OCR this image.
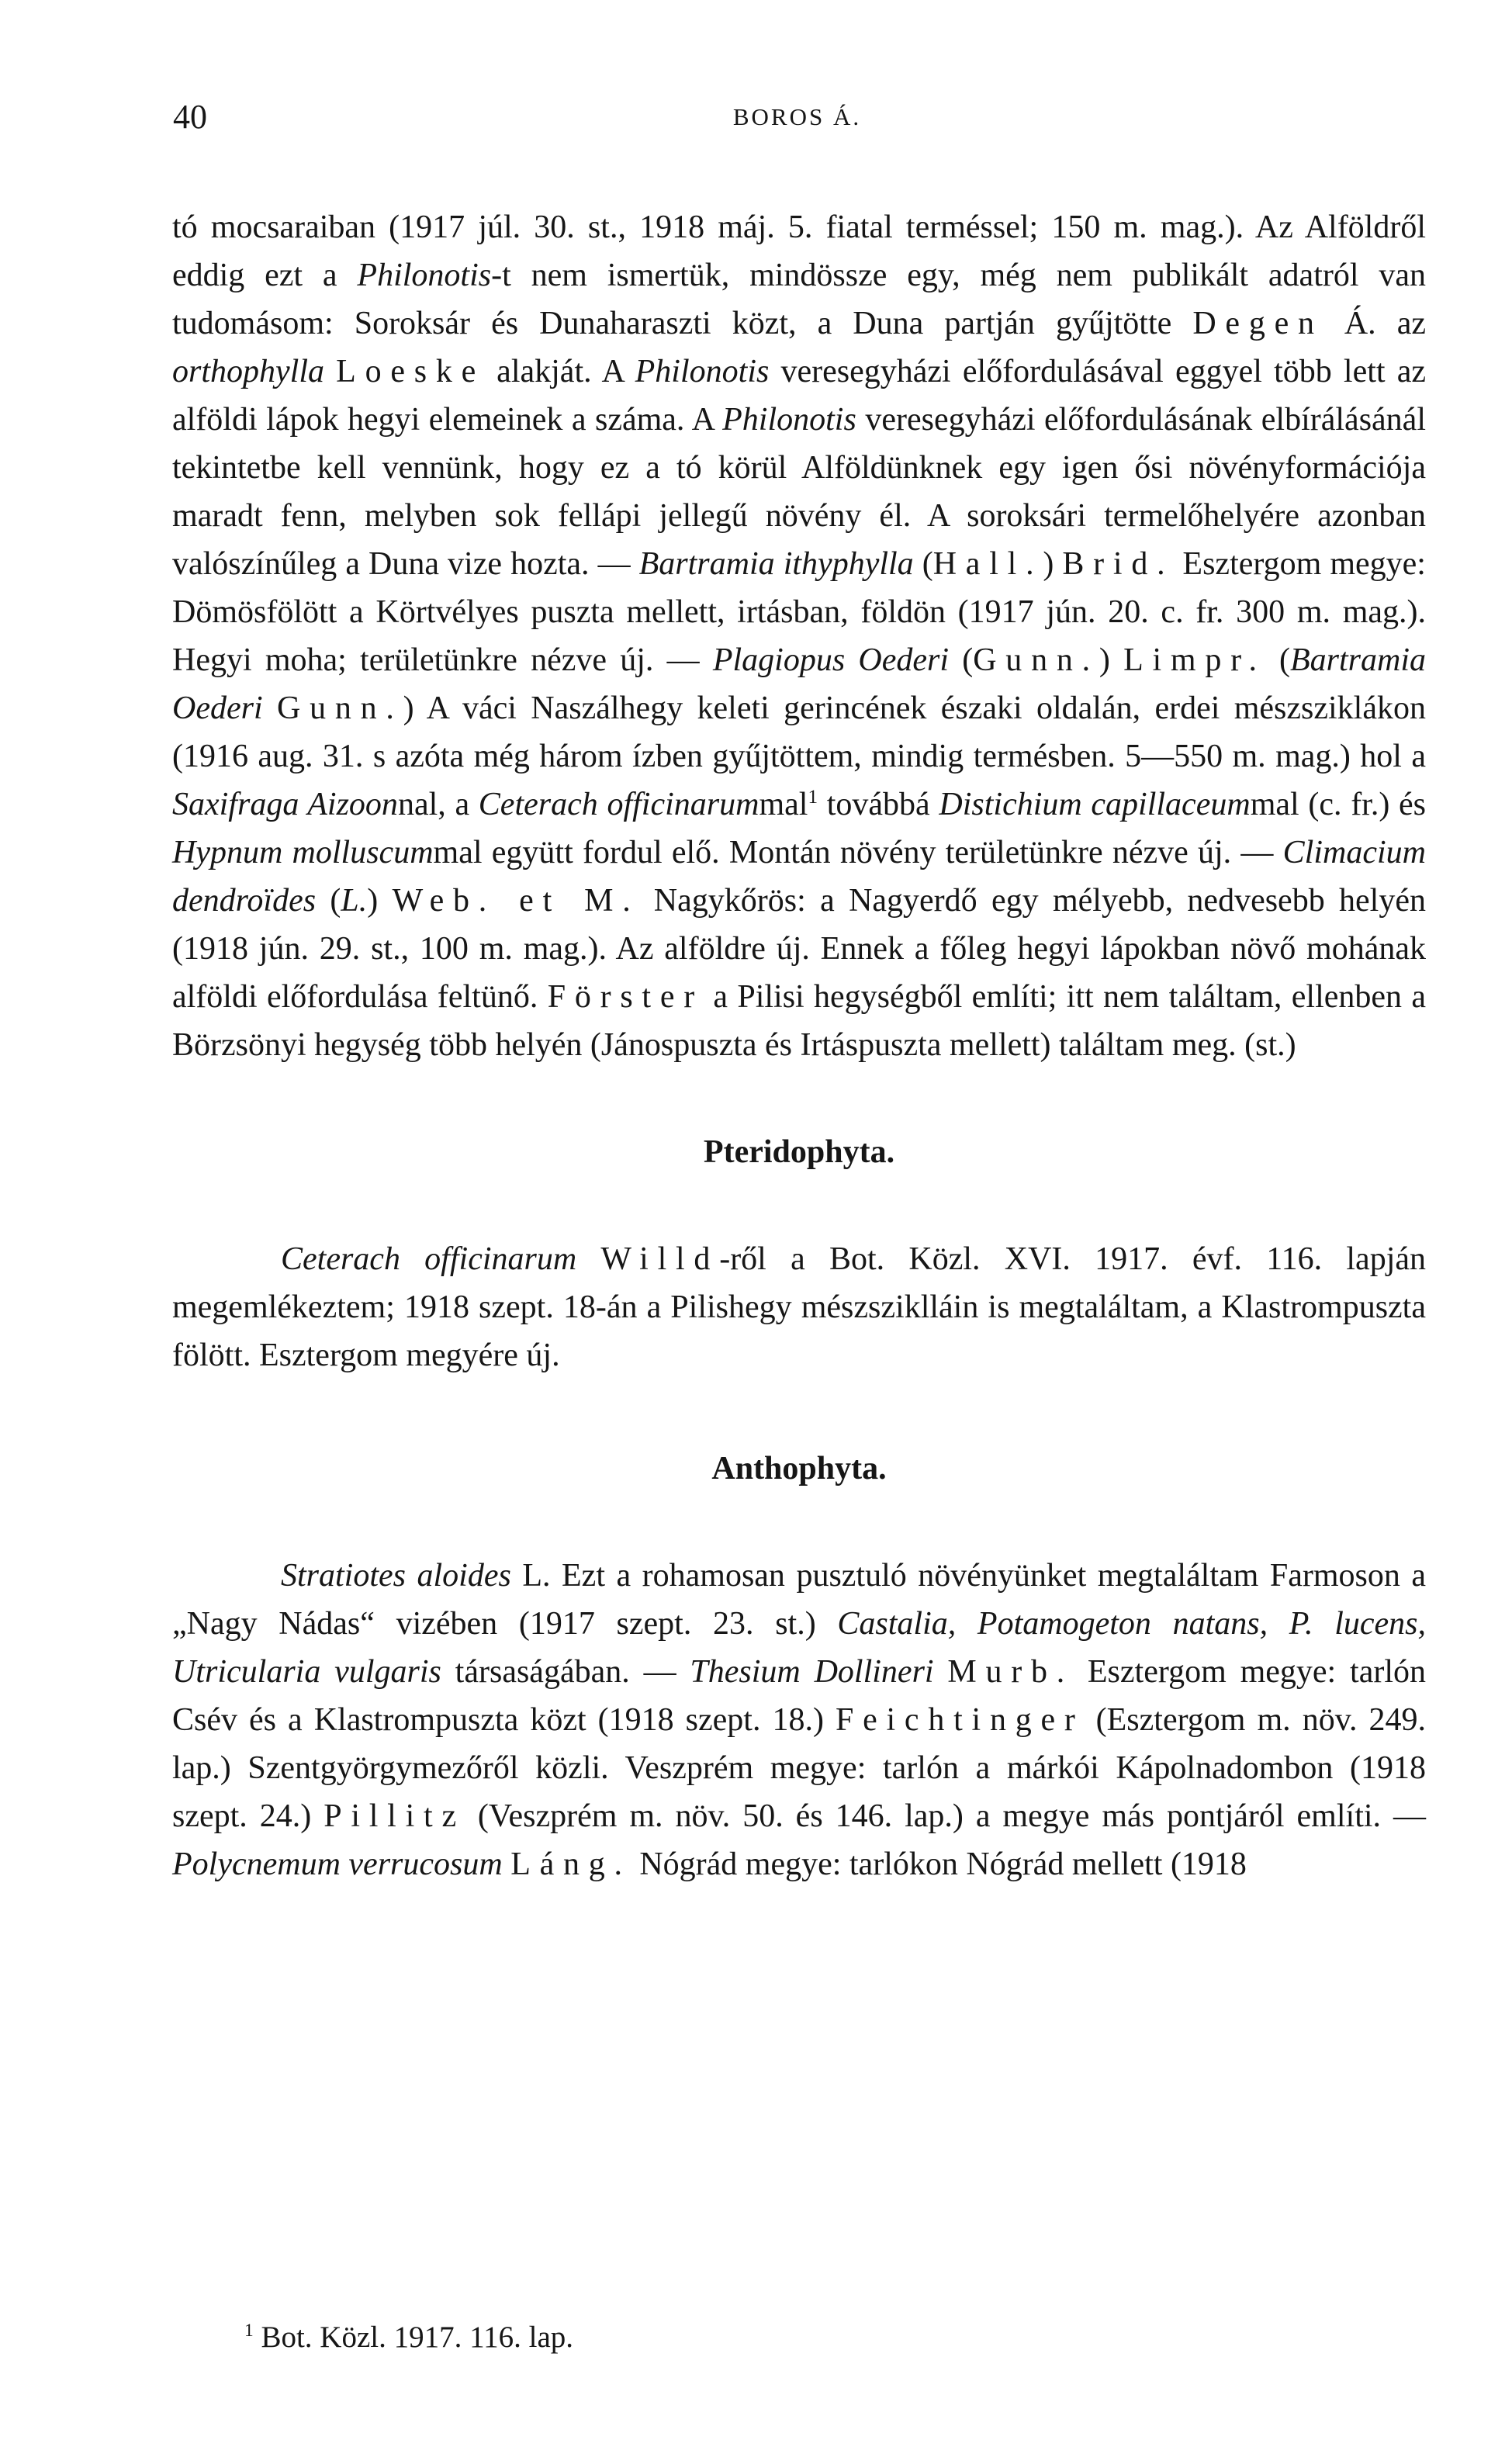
40	BOROS Á.

tó mocsaraiban (1917 júl. 30. st., 1918 máj. 5. fiatal terméssel; 150 m. mag.). Az Alföldről eddig ezt a Philonotis-t nem ismertük, mindössze egy, még nem publikált adatról van tudomásom: Soroksár és Dunaharaszti közt, a Duna partján gyűjtötte Degen Á. az orthophylla Loeske alakját. A Philonotis veresegyházi előfordulásával eggyel több lett az alföldi lápok hegyi elemeinek a száma. A Philonotis veresegyházi előfordulásának elbírálásánál tekintetbe kell vennünk, hogy ez a tó körül Alföldünknek egy igen ősi növényformációja maradt fenn, melyben sok fellápi jellegű növény él. A soroksári termelőhelyére azonban valószínűleg a Duna vize hozta. — Bartramia ithyphylla (Hall.) Brid. Esztergom megye: Dömösfölött a Körtvélyes puszta mellett, irtásban, földön (1917 jún. 20. c. fr. 300 m. mag.). Hegyi moha; területünkre nézve új. — Plagiopus Oederi (Gunn.) Limpr. (Bartramia Oederi Gunn.) A váci Naszálhegy keleti gerincének északi oldalán, erdei mészsziklákon (1916 aug. 31. s azóta még három ízben gyűjtöttem, mindig termésben. 5—550 m. mag.) hol a Saxifraga Aizoonnal, a Ceterach officinarummal$^1$ továbbá Distichium capillaceummal (c. fr.) és Hypnum molluscummal együtt fordul elő. Montán növény területünkre nézve új. — Climacium dendroïdes (L.) Web. et M. Nagykőrös: a Nagyerdő egy mélyebb, nedvesebb helyén (1918 jún. 29. st., 100 m. mag.). Az alföldre új. Ennek a főleg hegyi lápokban növő mohának alföldi előfordulása feltünő. Förster a Pilisi hegységből említi; itt nem találtam, ellenben a Börzsönyi hegység több helyén (Jánospuszta és Irtáspuszta mellett) találtam meg. (st.)

Pteridophyta.

Ceterach officinarum Willd-ről a Bot. Közl. XVI. 1917. évf. 116. lapján megemlékeztem; 1918 szept. 18-án a Pilishegy mészsziklláin is megtaláltam, a Klastrompuszta fölött. Esztergom megyére új.

Anthophyta.

Stratiotes aloides L. Ezt a rohamosan pusztuló növényünket megtaláltam Farmoson a „Nagy Nádas“ vizében (1917 szept. 23. st.) Castalia, Potamogeton natans, P. lucens, Utricularia vulgaris társaságában. — Thesium Dollineri Murb. Esztergom megye: tarlón Csév és a Klastrompuszta közt (1918 szept. 18.) Feichtinger (Esztergom m. növ. 249. lap.) Szentgyörgymezőről közli. Veszprém megye: tarlón a márkói Kápolnadombon (1918 szept. 24.) Pillitz (Veszprém m. növ. 50. és 146. lap.) a megye más pontjáról említi. — Polycnemum verrucosum Láng. Nógrád megye: tarlókon Nógrád mellett (1918

$^1$ Bot. Közl. 1917. 116. lap.
